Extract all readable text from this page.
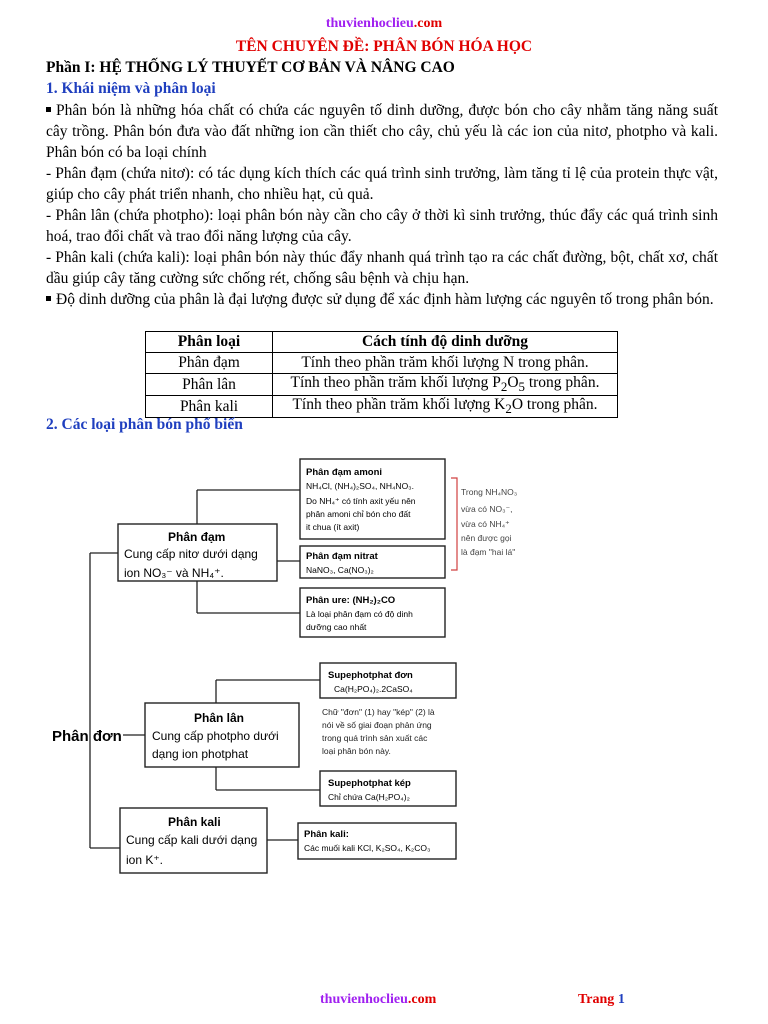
thuvienhoclieu.com
TÊN CHUYÊN ĐỀ: PHÂN BÓN HÓA HỌC
Phần I: HỆ THỐNG LÝ THUYẾT CƠ BẢN VÀ NÂNG CAO
1. Khái niệm và phân loại
Phân bón là những hóa chất có chứa các nguyên tố dinh dưỡng, được bón cho cây nhằm tăng năng suất cây trồng. Phân bón đưa vào đất những ion cần thiết cho cây, chủ yếu là các ion của nitơ, photpho và kali. Phân bón có ba loại chính
- Phân đạm (chứa nitơ): có tác dụng kích thích các quá trình sinh trưởng, làm tăng tỉ lệ của protein thực vật, giúp cho cây phát triển nhanh, cho nhiều hạt, củ quả.
- Phân lân (chứa photpho): loại phân bón này cần cho cây ở thời kì sinh trưởng, thúc đẩy các quá trình sinh hoá, trao đổi chất và trao đổi năng lượng của cây.
- Phân kali (chứa kali): loại phân bón này thúc đẩy nhanh quá trình tạo ra các chất đường, bột, chất xơ, chất dầu giúp cây tăng cường sức chống rét, chống sâu bệnh và chịu hạn.
Độ dinh dưỡng của phân là đại lượng được sử dụng để xác định hàm lượng các nguyên tố trong phân bón.
Phân loại	Cách tính độ dinh dưỡng
Phân đạm	Tính theo phần trăm khối lượng N trong phân.
Phân lân	Tính theo phần trăm khối lượng $P_2O_5$ trong phân.
Phân kali	Tính theo phần trăm khối lượng $K_2O$ trong phân.
2. Các loại phân bón phổ biến
Phân đơn
Phân đạm
Cung cấp nitơ dưới dạng
ion NO₃⁻ và NH₄⁺.
Phân đạm amoni
NH₄Cl, (NH₄)₂SO₄, NH₄NO₃.
Do NH₄⁺ có tính axit yếu nên
phân amoni chỉ bón cho đất
it chua (ít axit)
Phân đạm nitrat
NaNO₃, Ca(NO₃)₂
Phân ure: (NH₂)₂CO
Là loại phân đạm có độ dinh
dưỡng cao nhất
Trong NH₄NO₃
vừa có NO₃⁻,
vừa có NH₄⁺
nên được gọi
là đạm "hai lá"
Phân lân
Cung cấp photpho dưới
dạng ion photphat
Supephotphat đơn
Ca(H₂PO₄)₂.2CaSO₄
Chữ "đơn" (1) hay "kép" (2) là
nói về số giai đoạn phản ứng
trong quá trình sản xuất các
loại phân bón này.
Supephotphat kép
Chỉ chứa Ca(H₂PO₄)₂
Phân kali
Cung cấp kali dưới dạng
ion K⁺.
Phân kali:
Các muối kali KCl, K₂SO₄, K₂CO₃
thuvienhoclieu.com	Trang 1
